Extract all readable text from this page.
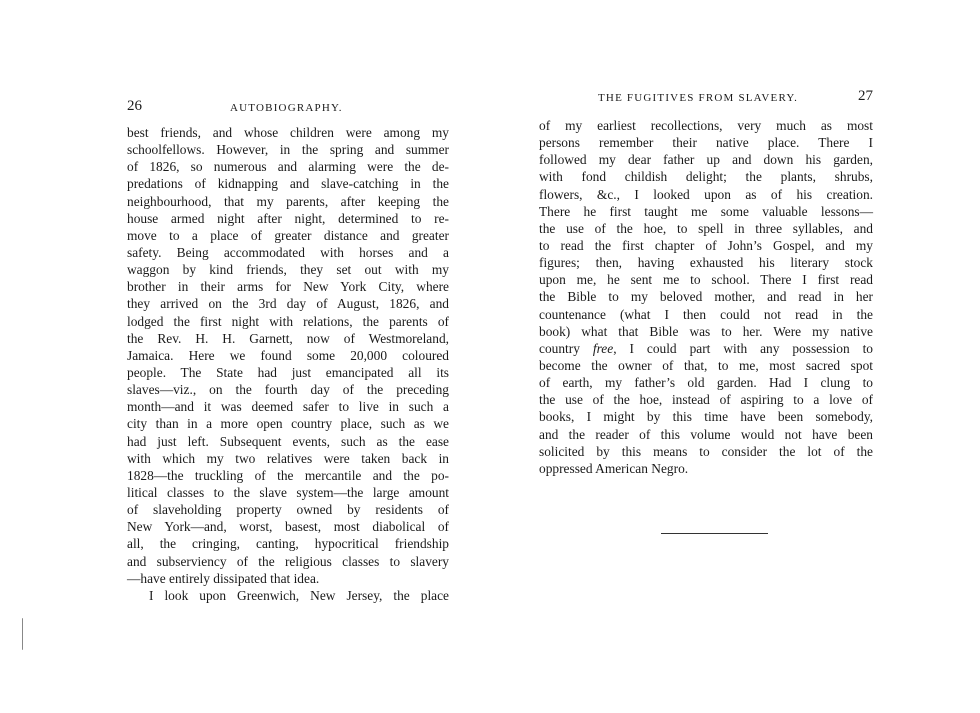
26	AUTOBIOGRAPHY.

best friends, and whose children were among my
schoolfellows. However, in the spring and summer
of 1826, so numerous and alarming were the de-
predations of kidnapping and slave-catching in the
neighbourhood, that my parents, after keeping the
house armed night after night, determined to re-
move to a place of greater distance and greater
safety. Being accommodated with horses and a
waggon by kind friends, they set out with my
brother in their arms for New York City, where
they arrived on the 3rd day of August, 1826, and
lodged the first night with relations, the parents of
the Rev. H. H. Garnett, now of Westmoreland,
Jamaica. Here we found some 20,000 coloured
people. The State had just emancipated all its
slaves—viz., on the fourth day of the preceding
month—and it was deemed safer to live in such a
city than in a more open country place, such as we
had just left. Subsequent events, such as the ease
with which my two relatives were taken back in
1828—the truckling of the mercantile and the po-
litical classes to the slave system—the large amount
of slaveholding property owned by residents of
New York—and, worst, basest, most diabolical of
all, the cringing, canting, hypocritical friendship
and subserviency of the religious classes to slavery
—have entirely dissipated that idea.
I look upon Greenwich, New Jersey, the place

THE FUGITIVES FROM SLAVERY.	27

of my earliest recollections, very much as most
persons remember their native place. There I
followed my dear father up and down his garden,
with fond childish delight; the plants, shrubs,
flowers, &c., I looked upon as of his creation.
There he first taught me some valuable lessons—
the use of the hoe, to spell in three syllables, and
to read the first chapter of John’s Gospel, and my
figures; then, having exhausted his literary stock
upon me, he sent me to school. There I first read
the Bible to my beloved mother, and read in her
countenance (what I then could not read in the
book) what that Bible was to her. Were my native
country free, I could part with any possession to
become the owner of that, to me, most sacred spot
of earth, my father’s old garden. Had I clung to
the use of the hoe, instead of aspiring to a love of
books, I might by this time have been somebody,
and the reader of this volume would not have been
solicited by this means to consider the lot of the
oppressed American Negro.
